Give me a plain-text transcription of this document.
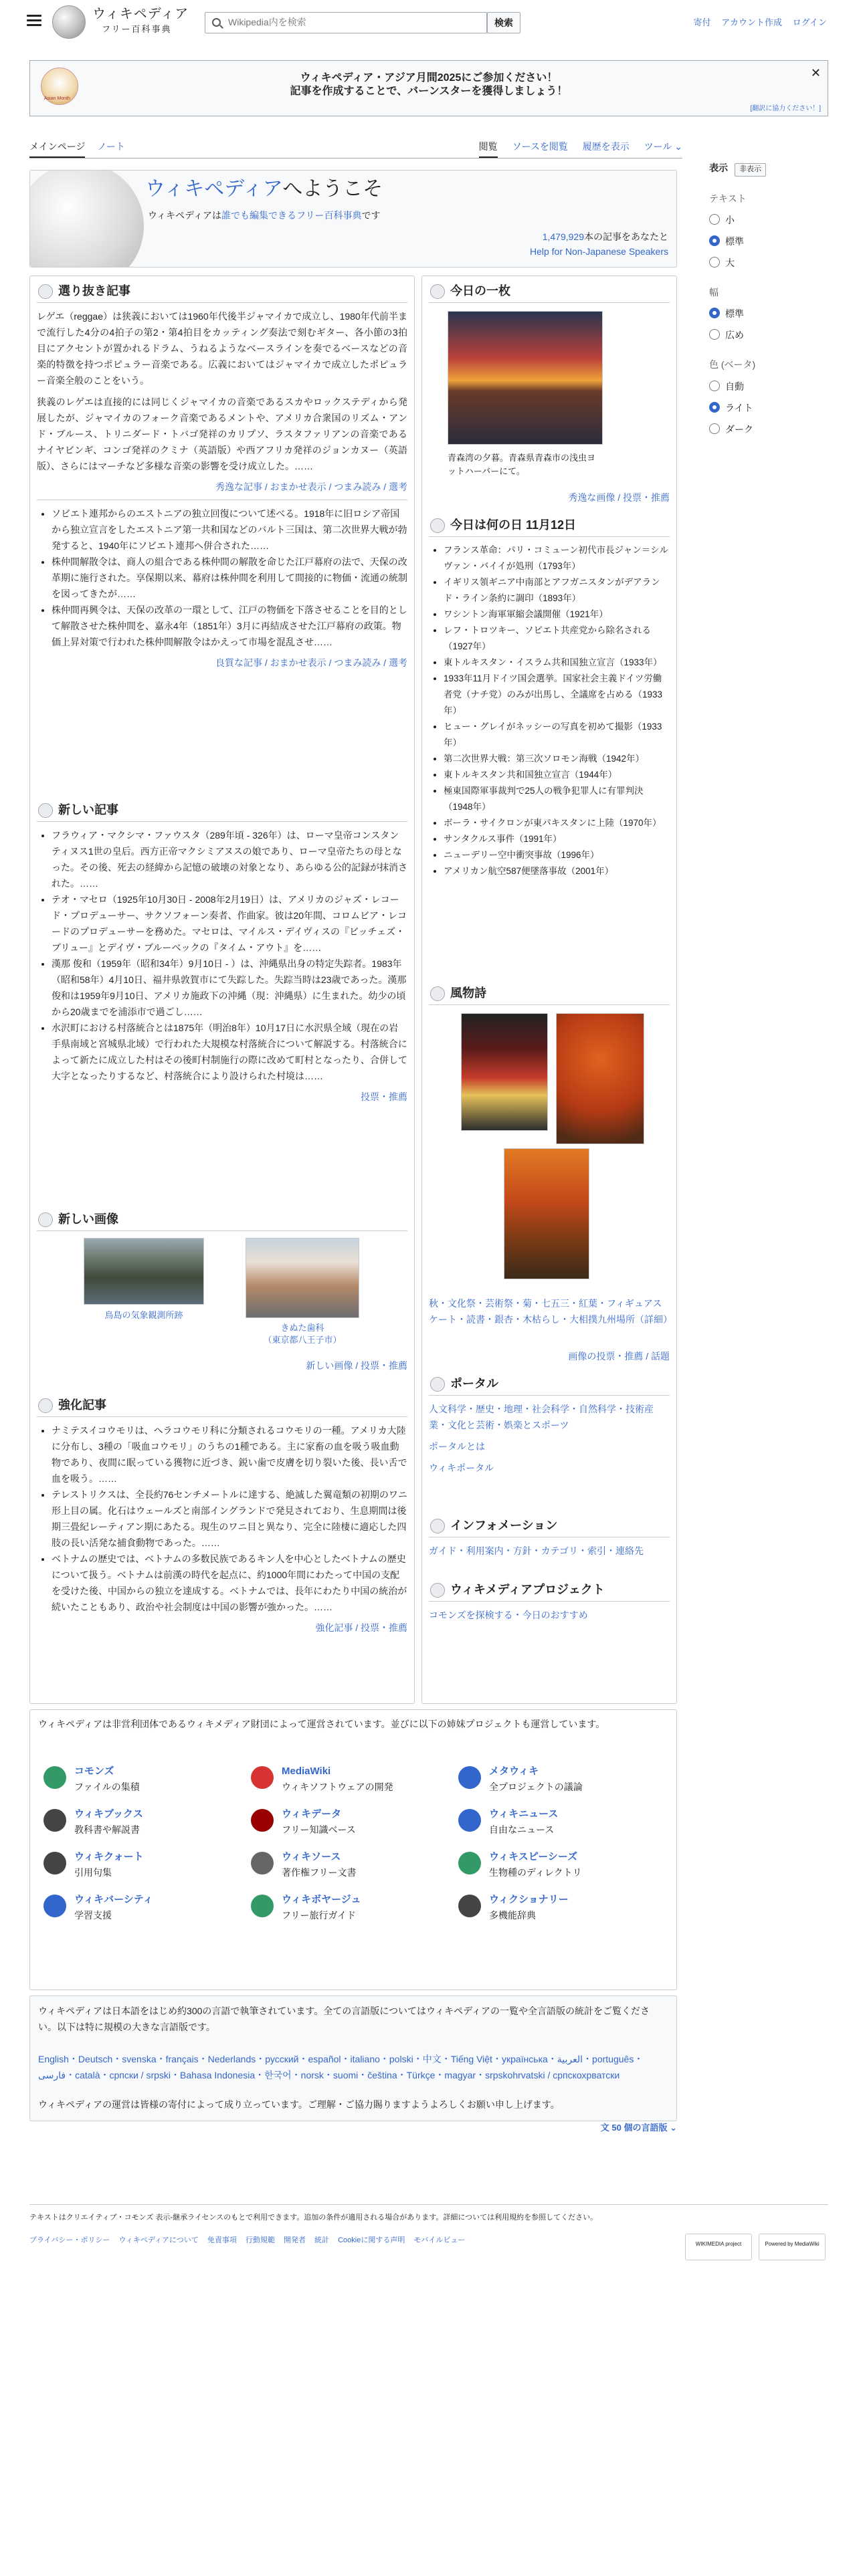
ウィキペディア
フリー百科事典
Wikipedia内を検索
検索	寄付 アカウント作成 ログイン
Asian Month
ウィキペディア・アジア月間2025にご参加ください！
記事を作成することで、バーンスターを獲得しましょう！
✕
[翻訳に協力ください！]
メインページ ノート	閲覧 ソースを閲覧 履歴を表示 ツール ⌄
表示 非表示
テキスト
小
標準
大
幅
標準
広め
色 (ベータ)
自動
ライト
ダーク
ウィキペディアへようこそ
ウィキペディアは誰でも編集できるフリー百科事典です
1,479,929本の記事をあなたと
Help for Non-Japanese Speakers
選り抜き記事

レゲエ（reggae）は狭義においては1960年代後半ジャマイカで成立し、1980年代前半まで流行した4分の4拍子の第2・第4拍目をカッティング奏法で刻むギター、各小節の3拍目にアクセントが置かれるドラム、うねるようなベースラインを奏でるベースなどの音楽的特徴を持つポピュラー音楽である。広義においてはジャマイカで成立したポピュラー音楽全般のことをいう。

狭義のレゲエは直接的には同じくジャマイカの音楽であるスカやロックステディから発展したが、ジャマイカのフォーク音楽であるメントや、アメリカ合衆国のリズム・アンド・ブルース、トリニダード・トバゴ発祥のカリプソ、ラスタファリアンの音楽であるナイヤビンギ、コンゴ発祥のクミナ（英語版）や西アフリカ発祥のジョンカヌー（英語版）、さらにはマーチなど多様な音楽の影響を受け成立した。……

秀逸な記事 / おまかせ表示 / つまみ読み / 選考
• ソビエト連邦からのエストニアの独立回復について述べる。1918年に旧ロシア帝国から独立宣言をしたエストニア第一共和国などのバルト三国は、第二次世界大戦が勃発すると、1940年にソビエト連邦へ併合された……
• 株仲間解散令は、商人の組合である株仲間の解散を命じた江戸幕府の法で、天保の改革期に施行された。享保期以来、幕府は株仲間を利用して間接的に物価・流通の統制を図ってきたが……
• 株仲間再興令は、天保の改革の一環として、江戸の物価を下落させることを目的として解散させた株仲間を、嘉永4年（1851年）3月に再結成させた江戸幕府の政策。物価上昇対策で行われた株仲間解散令はかえって市場を混乱させ……
良質な記事 / おまかせ表示 / つまみ読み / 選考
新しい記事
• フラウィア・マクシマ・ファウスタ（289年頃 - 326年）は、ローマ皇帝コンスタンティヌス1世の皇后。西方正帝マクシミアヌスの娘であり、ローマ皇帝たちの母となった。その後、死去の経緯から記憶の破壊の対象となり、あらゆる公的記録が抹消された。……
• テオ・マセロ（1925年10月30日 - 2008年2月19日）は、アメリカのジャズ・レコード・プロデューサー、サクソフォーン奏者、作曲家。彼は20年間、コロムビア・レコードのプロデューサーを務めた。マセロは、マイルス・デイヴィスの『ビッチェズ・ブリュー』とデイヴ・ブルーベックの『タイム・アウト』を……
• 漢那 俊和（1959年（昭和34年）9月10日 - ）は、沖縄県出身の特定失踪者。1983年（昭和58年）4月10日、福井県敦賀市にて失踪した。失踪当時は23歳であった。漢那俊和は1959年9月10日、アメリカ施政下の沖縄（現：沖縄県）に生まれた。幼少の頃から20歳までを浦添市で過ごし……
• 水沢町における村落統合とは1875年（明治8年）10月17日に水沢県全域（現在の岩手県南域と宮城県北域）で行われた大規模な村落統合について解説する。村落統合によって新たに成立した村はその後町村制施行の際に改めて町村となったり、合併して大字となったりするなど、村落統合により設けられた村境は……
投票・推薦
新しい画像
鳥島の気象観測所跡
きぬた歯科
（東京都八王子市）
新しい画像 / 投票・推薦
強化記事
• ナミテスイコウモリは、ヘラコウモリ科に分類されるコウモリの一種。アメリカ大陸に分布し、3種の「吸血コウモリ」のうちの1種である。主に家畜の血を吸う吸血動物であり、夜間に眠っている獲物に近づき、鋭い歯で皮膚を切り裂いた後、長い舌で血を吸う。……
• テレストリクスは、全長約76センチメートルに達する、絶滅した翼竜類の初期のワニ形上目の属。化石はウェールズと南部イングランドで発見されており、生息期間は後期三畳紀レーティアン期にあたる。現生のワニ目と異なり、完全に陸棲に適応した四肢の長い活発な捕食動物であった。……
• ベトナムの歴史では、ベトナムの多数民族であるキン人を中心としたベトナムの歴史について扱う。ベトナムは前漢の時代を起点に、約1000年間にわたって中国の支配を受けた後、中国からの独立を達成する。ベトナムでは、長年にわたり中国の統治が続いたこともあり、政治や社会制度は中国の影響が強かった。……
強化記事 / 投票・推薦
今日の一枚

青森湾の夕暮。青森県青森市の浅虫ヨットハーバーにて。

秀逸な画像 / 投票・推薦
今日は何の日 11月12日
• フランス革命：パリ・コミューン初代市長ジャン＝シルヴァン・バイイが処刑（1793年）
• イギリス領ギニア中南部とアフガニスタンがデアランド・ライン条約に調印（1893年）
• ワシントン海軍軍縮会議開催（1921年）
• レフ・トロツキー、ソビエト共産党から除名される（1927年）
• 東トルキスタン・イスラム共和国独立宣言（1933年）
• 1933年11月ドイツ国会選挙。国家社会主義ドイツ労働者党（ナチ党）のみが出馬し、全議席を占める（1933年）
• ヒュー・グレイがネッシーの写真を初めて撮影（1933年）
• 第二次世界大戦：第三次ソロモン海戦（1942年）
• 東トルキスタン共和国独立宣言（1944年）
• 極東国際軍事裁判で25人の戦争犯罪人に有罪判決（1948年）
• ボーラ・サイクロンが東パキスタンに上陸（1970年）
• サンタクルス事件（1991年）
• ニューデリー空中衝突事故（1996年）
• アメリカン航空587便墜落事故（2001年）
風物詩

秋・文化祭・芸術祭・菊・七五三・紅葉・フィギュアスケート・読書・銀杏・木枯らし・大相撲九州場所（詳細）

画像の投票・推薦 / 話題
ポータル

人文科学・歴史・地理・社会科学・自然科学・技術産業・文化と芸術・娯楽とスポーツ

ポータルとは

ウィキポータル

インフォメーション

ガイド・利用案内・方針・カテゴリ・索引・連絡先

ウィキメディアプロジェクト

コモンズを探検する・今日のおすすめ

ウィキペディアは非営利団体であるウィキメディア財団によって運営されています。並びに以下の姉妹プロジェクトも運営しています。
コモンズ
ファイルの集積
MediaWiki
ウィキソフトウェアの開発
メタウィキ
全プロジェクトの議論
ウィキブックス
教科書や解説書
ウィキデータ
フリー知識ベース
ウィキニュース
自由なニュース
ウィキクォート
引用句集
ウィキソース
著作権フリー文書
ウィキスピーシーズ
生物種のディレクトリ
ウィキバーシティ
学習支援
ウィキボヤージュ
フリー旅行ガイド
ウィクショナリー
多機能辞典
ウィキペディアは日本語をはじめ約300の言語で執筆されています。全ての言語版についてはウィキペディアの一覧や全言語版の統計をご覧ください。以下は特に規模の大きな言語版です。
English・Deutsch・svenska・français・Nederlands・русский・español・italiano・polski・中文・Tiếng Việt・українська・العربية・português・فارسی・català・српски / srpski・Bahasa Indonesia・한국어・norsk・suomi・čeština・Türkçe・magyar・srpskohrvatski / српскохрватски
ウィキペディアの運営は皆様の寄付によって成り立っています。ご理解・ご協力賜りますようよろしくお願い申し上げます。
文 50 個の言語版 ⌄
テキストはクリエイティブ・コモンズ 表示-継承ライセンスのもとで利用できます。追加の条件が適用される場合があります。詳細については利用規約を参照してください。
プライバシー・ポリシー ウィキペディアについて 免責事項 行動規範 開発者 統計 Cookieに関する声明 モバイルビュー	WIKIMEDIA project	Powered by MediaWiki
